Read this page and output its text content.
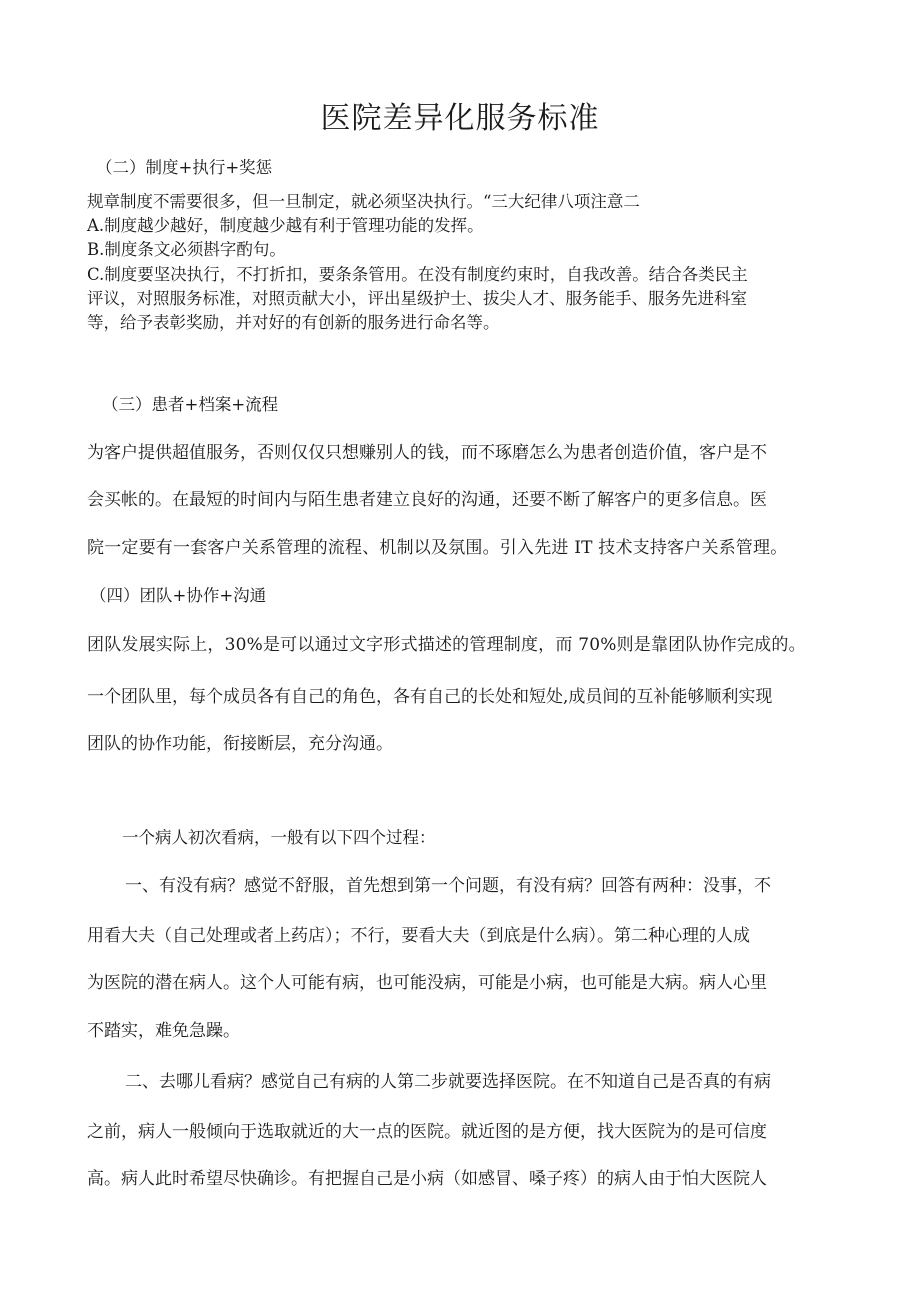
医院差异化服务标准

（二）制度+执行+奖惩

规章制度不需要很多，但一旦制定，就必须坚决执行。“三大纪律八项注意二

A.制度越少越好，制度越少越有利于管理功能的发挥。

B.制度条文必须斟字酌句。

C.制度要坚决执行，不打折扣，要条条管用。在没有制度约束时，自我改善。结合各类民主

评议，对照服务标准，对照贡献大小，评出星级护士、拔尖人才、服务能手、服务先进科室

等，给予表彰奖励，并对好的有创新的服务进行命名等。

（三）患者+档案+流程

为客户提供超值服务，否则仅仅只想赚别人的钱，而不琢磨怎么为患者创造价值，客户是不

会买帐的。在最短的时间内与陌生患者建立良好的沟通，还要不断了解客户的更多信息。医

院一定要有一套客户关系管理的流程、机制以及氛围。引入先进 IT 技术支持客户关系管理。

（四）团队+协作+沟通

团队发展实际上，30%是可以通过文字形式描述的管理制度，而 70%则是靠团队协作完成的。

一个团队里，每个成员各有自己的角色，各有自己的长处和短处,成员间的互补能够顺利实现

团队的协作功能，衔接断层，充分沟通。

一个病人初次看病，一般有以下四个过程：

一、有没有病？感觉不舒服，首先想到第一个问题，有没有病？回答有两种：没事，不

用看大夫（自己处理或者上药店）；不行，要看大夫（到底是什么病）。第二种心理的人成

为医院的潜在病人。这个人可能有病，也可能没病，可能是小病，也可能是大病。病人心里

不踏实，难免急躁。

二、去哪儿看病？感觉自己有病的人第二步就要选择医院。在不知道自己是否真的有病

之前，病人一般倾向于选取就近的大一点的医院。就近图的是方便，找大医院为的是可信度

高。病人此时希望尽快确诊。有把握自己是小病（如感冒、嗓子疼）的病人由于怕大医院人
